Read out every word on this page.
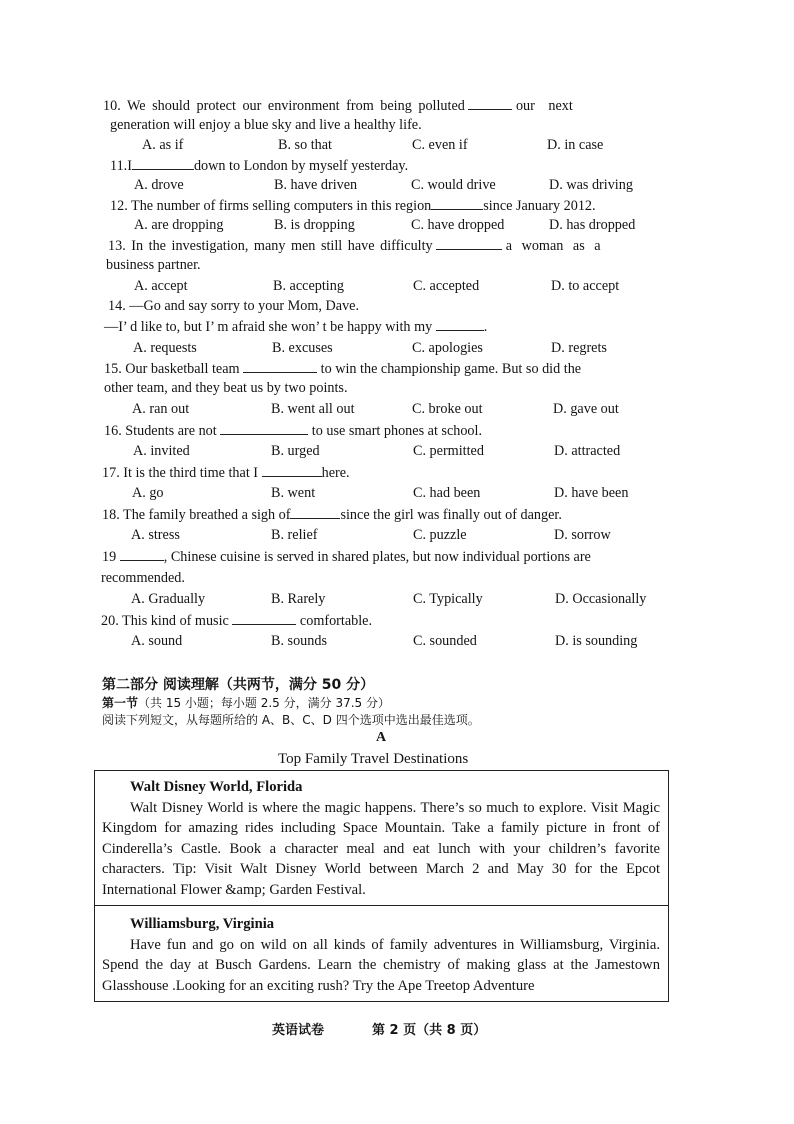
10. We should protect our environment from being polluted	our next
generation will enjoy a blue sky and live a healthy life.
A. as if	B. so that	C. even if	D. in case
11.I	down to London by myself yesterday.
A. drove	B. have driven	C. would drive	D. was driving
12. The number of firms selling computers in this region	since January 2012.
A. are dropping	B. is dropping	C. have dropped	D. has dropped
13. In the investigation, many men still have difficulty	a woman as a
business partner.
A. accept	B. accepting	C. accepted	D. to accept
14. —Go and say sorry to your Mom, Dave.
—I’ d like to, but I’ m afraid she won’ t be happy with my	.
A. requests	B. excuses	C. apologies	D. regrets
15. Our basketball team	to win the championship game. But so did the
other team, and they beat us by two points.
A. ran out	B. went all out	C. broke out	D. gave out
16. Students are not	to use smart phones at school.
A. invited	B. urged	C. permitted	D. attracted
17. It is the third time that I	here.
A. go	B. went	C. had been	D. have been
18. The family breathed a sigh of	since the girl was finally out of danger.
A. stress	B. relief	C. puzzle	D. sorrow
19	, Chinese cuisine is served in shared plates, but now individual portions are
recommended.
A. Gradually	B. Rarely	C. Typically	D. Occasionally
20. This kind of music	comfortable.
A. sound	B. sounds	C. sounded	D. is sounding
第二部分 阅读理解（共两节，满分 50 分）
第一节（共 15 小题；每小题 2.5 分，满分 37.5 分）
阅读下列短文，从每题所给的 A、B、C、D 四个选项中选出最佳选项。
A
Top Family Travel Destinations

Walt Disney World, Florida

Walt Disney World is where the magic happens. There’s so much to explore. Visit Magic Kingdom for amazing rides including Space Mountain. Take a family picture in front of Cinderella’s Castle. Book a character meal and eat lunch with your children’s favorite characters. Tip: Visit Walt Disney World between March 2 and May 30 for the Epcot International Flower &amp; Garden Festival.

Williamsburg, Virginia

Have fun and go on wild on all kinds of family adventures in Williamsburg, Virginia. Spend the day at Busch Gardens. Learn the chemistry of making glass at the Jamestown Glasshouse .Looking for an exciting rush? Try the Ape Treetop Adventure

英语试卷	第 2 页（共 8 页）
